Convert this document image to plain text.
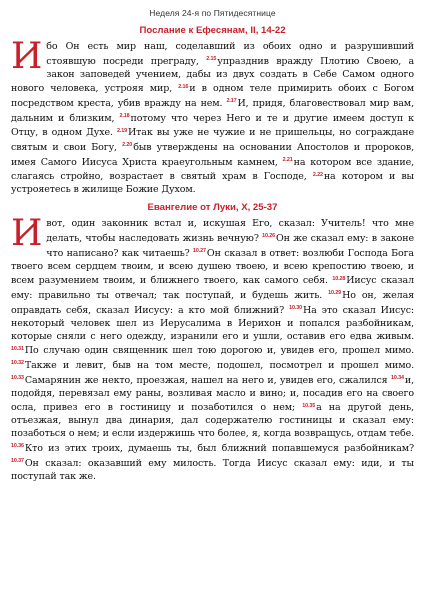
Неделя 24-я по Пятидесятнице
Послание к Ефесянам, II, 14-22

И бо Он есть мир наш, соделавший из обоих одно и разрушивший стоявшую посреди преграду, $^{2.15}$упразднив вражду Плотию Своею, а закон заповедей учением, дабы из двух создать в Себе Самом одного нового человека, устрояя мир, $^{2.16}$и в одном теле примирить обоих с Богом посредством креста, убив вражду на нем. $^{2.17}$И, придя, благовествовал мир вам, дальним и близким, $^{2.18}$потому что через Него и те и другие имеем доступ к Отцу, в одном Духе. $^{2.19}$Итак вы уже не чужие и не пришельцы, но сограждане святым и свои Богу, $^{2.20}$быв утверждены на основании Апостолов и пророков, имея Самого Иисуса Христа краеугольным камнем, $^{2.21}$на котором все здание, слагаясь стройно, возрастает в святый храм в Господе, $^{2.22}$на котором и вы устрояетесь в жилище Божие Духом.

Евангелие от Луки, X, 25-37

И вот, один законник встал и, искушая Его, сказал: Учитель! что мне делать, чтобы наследовать жизнь вечную? $^{10.26}$Он же сказал ему: в законе что написано? как читаешь? $^{10.27}$Он сказал в ответ: возлюби Господа Бога твоего всем сердцем твоим, и всею душею твоею, и всею крепостию твоею, и всем разумением твоим, и ближнего твоего, как самого себя. $^{10.28}$Иисус сказал ему: правильно ты отвечал; так поступай, и будешь жить. $^{10.29}$Но он, желая оправдать себя, сказал Иисусу: а кто мой ближний? $^{10.30}$На это сказал Иисус: некоторый человек шел из Иерусалима в Иерихон и попался разбойникам, которые сняли с него одежду, изранили его и ушли, оставив его едва живым. $^{10.31}$По случаю один священник шел тою дорогою и, увидев его, прошел мимо. $^{10.32}$Также и левит, быв на том месте, подошел, посмотрел и прошел мимо. $^{10.33}$Самарянин же некто, проезжая, нашел на него и, увидев его, сжалился $^{10.34}$и, подойдя, перевязал ему раны, возливая масло и вино; и, посадив его на своего осла, привез его в гостиницу и позаботился о нем; $^{10.35}$а на другой день, отъезжая, вынул два динария, дал содержателю гостиницы и сказал ему: позаботься о нем; и если издержишь что более, я, когда возвращусь, отдам тебе. $^{10.36}$Кто из этих троих, думаешь ты, был ближний попавшемуся разбойникам? $^{10.37}$Он сказал: оказавший ему милость. Тогда Иисус сказал ему: иди, и ты поступай так же.
